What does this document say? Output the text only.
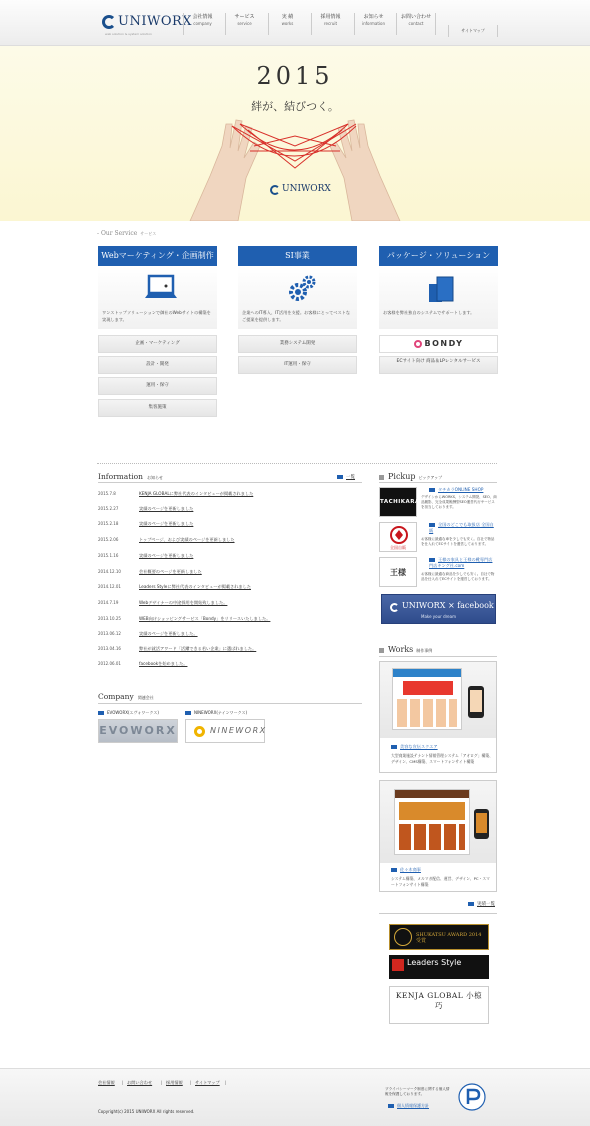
UNIWORX
web solution & system solution
会社情報
company
サービス
service
実 績
works
採用情報
recruit
お知らせ
information
お問い合わせ
contact
サイトマップ
2015
絆が、結びつく。
UNIWORX
- Our Service サービス
Webマーケティング・企画制作
ワンストップソリューションで御社のWebサイトの構築を実現します。
企画・マーケティング
設計・開発
運用・保守
集客施策
SI事業
企業へのIT導入、IT活用を支援。お客様にとってベストなご提案を提供します。
業務システム開発
IT運用・保守
パッケージ・ソリューション
お客様を弊社独自のシステムでサポートします。
BONDY
ECサイト向け 商品＆LPレンタルサービス
Information お知らせ	一覧
2015.7.8	KENJA GLOBALに弊社代表のインタビューが掲載されました
2015.2.27	実績のページを更新しました
2015.2.18	実績のページを更新しました
2015.2.06	トップページ、および実績のページを更新しました
2015.1.16	実績のページを更新しました
2014.12.10	会社概要のページを更新しました
2014.12.01	Leaders Styleに弊社代表のインタビューが掲載されました
2014.7.19	Webデザイナーの中途採用を開始致しました。
2013.10.25	WEB向けショッピングサービス「Bondy」をリリースいたしました。
2013.06.12	実績のページを更新しました。
2013.04.16	弊社が就活アワード「活躍できる若い企業」に選ばれました。
2012.06.01	facebookを始めました。
Company 関連会社
EVOWORX(エヴォワークス)	NINEWORX(ナインワークス)
EVOWORX	NINEWORX
Pickup ピックアップ
TACHIKARA
タチカラONLINE SHOP
デザインからWORKS、システム開発、SEO、商品撮影、完全成果報酬型SEO運営代行サービスを担当しております。
全国自販
全国のどこでも取扱店 全国自販
お客様に最適な車を少しでも安く。自社で物品を仕入れてECサイトを運営しております。
王様
王様の家具と王様の靴専門店 門店キング社.com
お客様に最適な商品を少しでも安く。自社で物品を仕入れてECサイトを運営しております。
UNIWORX × facebook
Make your dream
Works 制作事例
美容な宣伝スクエア
大型商業施設テナント情報管理システム「アオログ」構築、デザイン、CMS構築、スマートフォンサイト構築
佐々木商事
システム構築、メルマガ配信、運営、デザイン、PC・スマートフォンサイト構築
実績一覧
SHUKATSU AWARD 2014 受賞
Leaders Style
KENJA GLOBAL 小椋 巧
会社情報 | お問い合わせ | 採用情報 | サイトマップ |
Copyright(c) 2015 UNIWORX All rights reserved.
プライバシーマーク制度に関する個人情報を保護しております。
個人情報保護方針
